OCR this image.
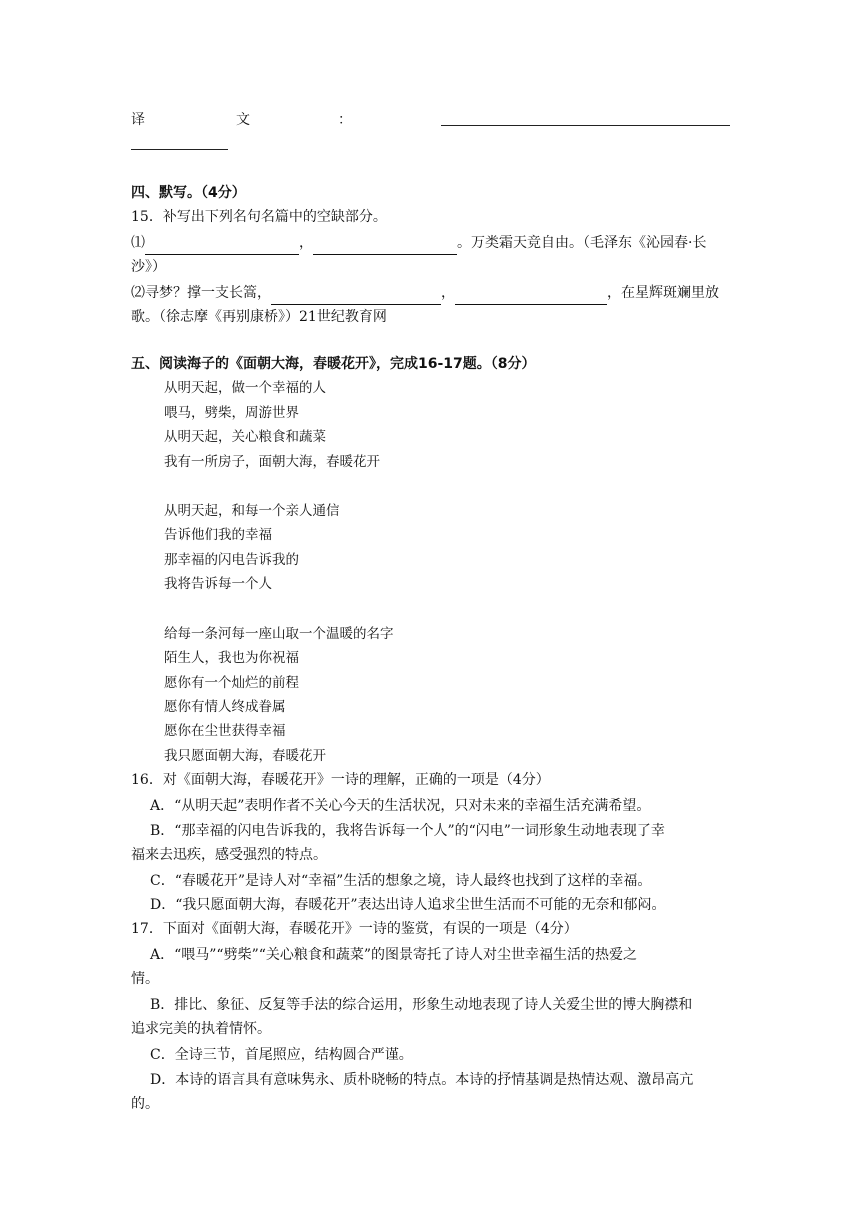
译	文	：
四、默写。（4分）
15．补写出下列名句名篇中的空缺部分。
⑴	，	。万类霜天竞自由。（毛泽东《沁园春·长
沙》）
⑵寻梦？撑一支长篙，	，	，在星辉斑斓里放
歌。（徐志摩《再别康桥》）21世纪教育网
五、阅读海子的《面朝大海，春暖花开》，完成16-17题。（8分）
从明天起，做一个幸福的人
喂马，劈柴，周游世界
从明天起，关心粮食和蔬菜
我有一所房子，面朝大海，春暖花开
从明天起，和每一个亲人通信
告诉他们我的幸福
那幸福的闪电告诉我的
我将告诉每一个人
给每一条河每一座山取一个温暖的名字
陌生人，我也为你祝福
愿你有一个灿烂的前程
愿你有情人终成眷属
愿你在尘世获得幸福
我只愿面朝大海，春暖花开
16．对《面朝大海，春暖花开》一诗的理解，正确的一项是（4分）
A．“从明天起”表明作者不关心今天的生活状况，只对未来的幸福生活充满希望。
B．“那幸福的闪电告诉我的，我将告诉每一个人”的“闪电”一词形象生动地表现了幸
福来去迅疾，感受强烈的特点。
C．“春暖花开”是诗人对“幸福”生活的想象之境，诗人最终也找到了这样的幸福。
D．“我只愿面朝大海，春暖花开”表达出诗人追求尘世生活而不可能的无奈和郁闷。
17．下面对《面朝大海，春暖花开》一诗的鉴赏，有误的一项是（4分）
A．“喂马”“劈柴”“关心粮食和蔬菜”的图景寄托了诗人对尘世幸福生活的热爱之
情。
B．排比、象征、反复等手法的综合运用，形象生动地表现了诗人关爱尘世的博大胸襟和
追求完美的执着情怀。
C．全诗三节，首尾照应，结构圆合严谨。
D．本诗的语言具有意味隽永、质朴晓畅的特点。本诗的抒情基调是热情达观、激昂高亢
的。
